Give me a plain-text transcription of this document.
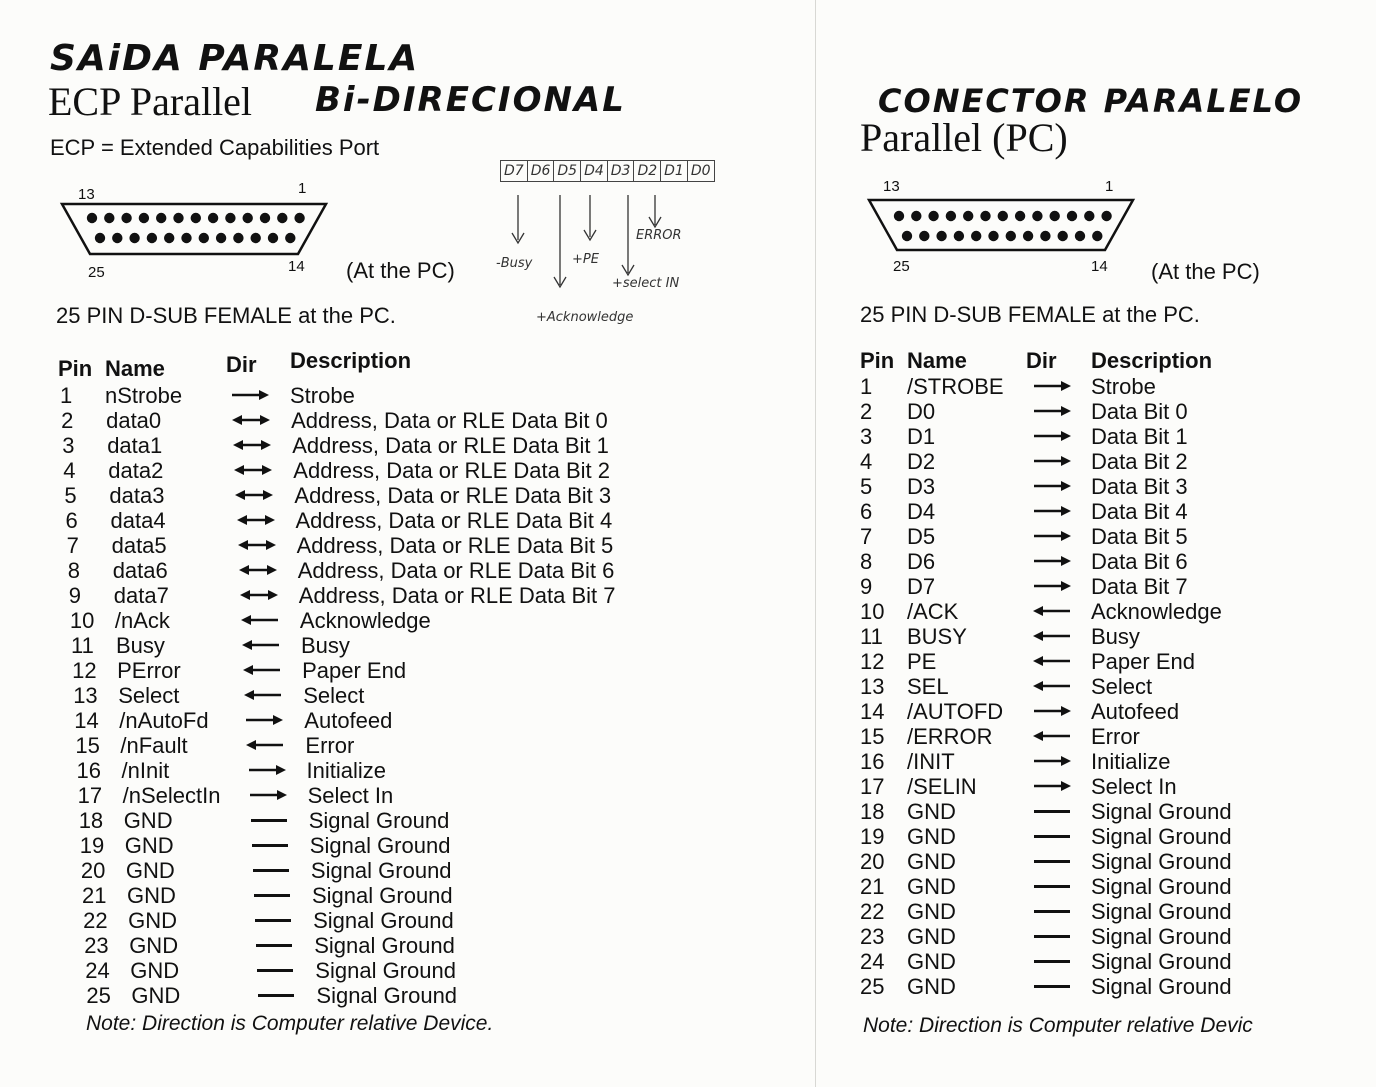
SAiDA PARALELA
ECP Parallel Bi-DIRECIONAL
ECP = Extended Capabilities Port
13	1
25	14 (At the PC)
25 PIN D-SUB FEMALE at the PC.
D7 D6 D5 D4 D3 D2 D1 D0
-Busy	+PE
ERROR
+select IN
+Acknowledge
Pin Name	Dir Description
1 nStrobe	Strobe
2 data0	Address, Data or RLE Data Bit 0
3 data1	Address, Data or RLE Data Bit 1
4 data2	Address, Data or RLE Data Bit 2
5 data3	Address, Data or RLE Data Bit 3
6 data4	Address, Data or RLE Data Bit 4
7 data5	Address, Data or RLE Data Bit 5
8 data6	Address, Data or RLE Data Bit 6
9 data7	Address, Data or RLE Data Bit 7
10 /nAck	Acknowledge
11 Busy	Busy
12 PError	Paper End
13 Select	Select
14 /nAutoFd	Autofeed
15 /nFault	Error
16 /nInit	Initialize
17 /nSelectIn	Select In
18 GND	Signal Ground
19 GND	Signal Ground
20 GND	Signal Ground
21 GND	Signal Ground
22 GND	Signal Ground
23 GND	Signal Ground
24 GND	Signal Ground
25 GND	Signal Ground
Note: Direction is Computer relative Device.
CONECTOR PARALELO
Parallel (PC)
13	1
25	14 (At the PC)
25 PIN D-SUB FEMALE at the PC.
Pin Name	Dir Description
1 /STROBE	Strobe
2 D0	Data Bit 0
3 D1	Data Bit 1
4 D2	Data Bit 2
5 D3	Data Bit 3
6 D4	Data Bit 4
7 D5	Data Bit 5
8 D6	Data Bit 6
9 D7	Data Bit 7
10 /ACK	Acknowledge
11 BUSY	Busy
12 PE	Paper End
13 SEL	Select
14 /AUTOFD	Autofeed
15 /ERROR	Error
16 /INIT	Initialize
17 /SELIN	Select In
18 GND	Signal Ground
19 GND	Signal Ground
20 GND	Signal Ground
21 GND	Signal Ground
22 GND	Signal Ground
23 GND	Signal Ground
24 GND	Signal Ground
25 GND	Signal Ground
Note: Direction is Computer relative Devic
